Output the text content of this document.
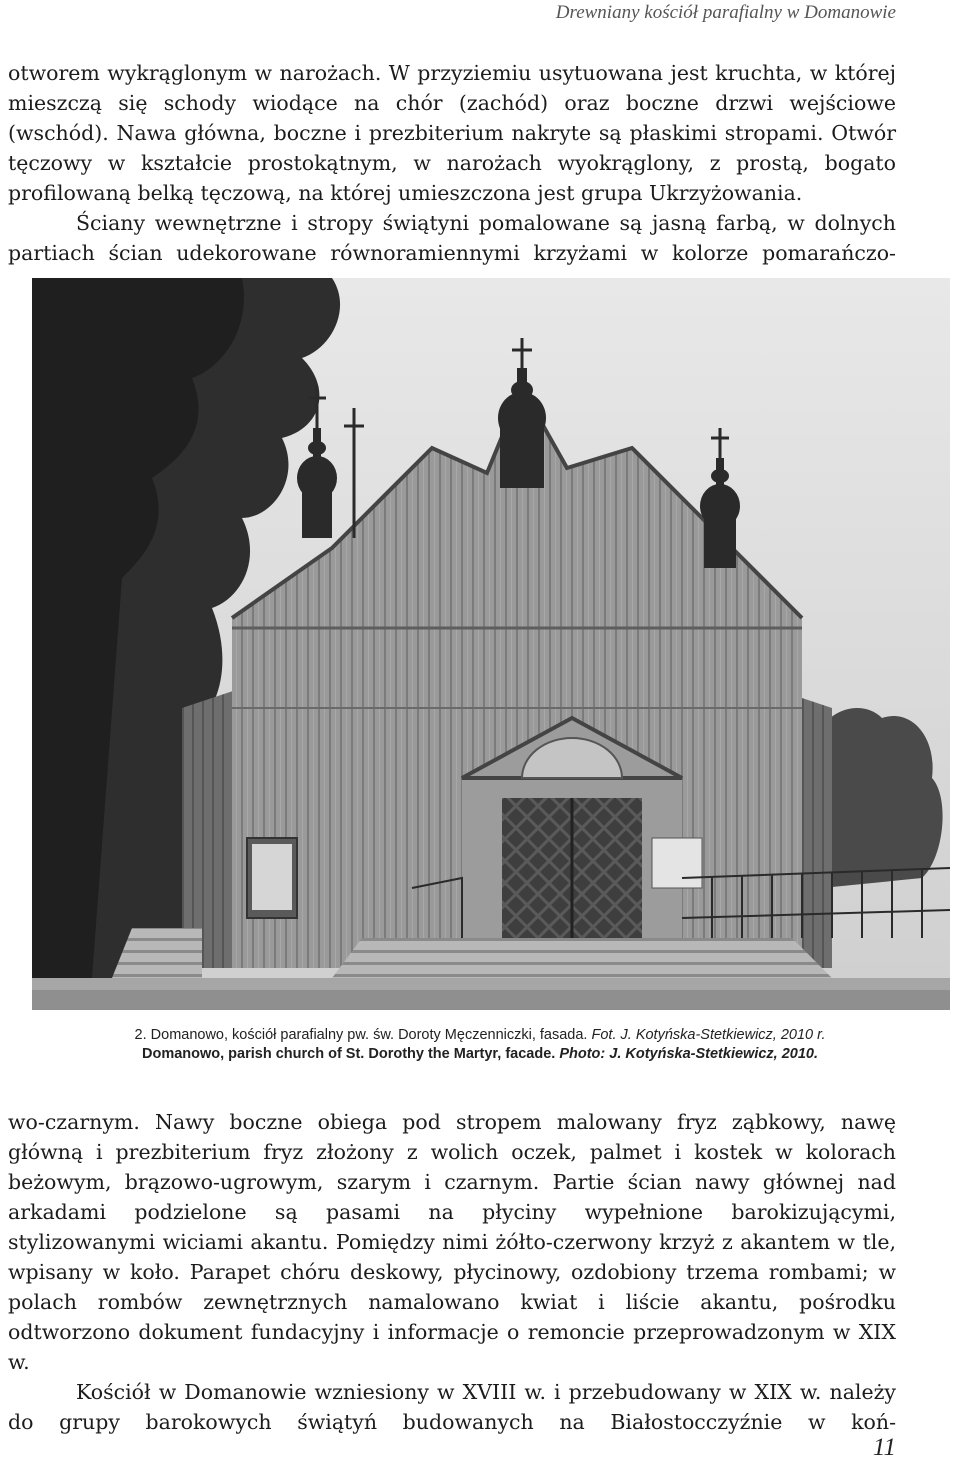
Drewniany kościół parafialny w Domanowie

otworem wykrąglonym w narożach. W przyziemiu usytuowana jest kruchta, w której mieszczą się schody wiodące na chór (zachód) oraz boczne drzwi wejściowe (wschód). Nawa główna, boczne i prezbiterium nakryte są płaskimi stropami. Otwór tęczowy w kształcie prostokątnym, w narożach wyokrąglony, z prostą, bogato profilowaną belką tęczową, na której umieszczona jest grupa Ukrzyżowania.

Ściany wewnętrzne i stropy świątyni pomalowane są jasną farbą, w dolnych partiach ścian udekorowane równoramiennymi krzyżami w kolorze pomarańczo-

2. Domanowo, kościół parafialny pw. św. Doroty Męczenniczki, fasada. Fot. J. Kotyńska-Stetkiewicz, 2010 r.
Domanowo, parish church of St. Dorothy the Martyr, facade. Photo: J. Kotyńska-Stetkiewicz, 2010.

wo-czarnym. Nawy boczne obiega pod stropem malowany fryz ząbkowy, nawę główną i prezbiterium fryz złożony z wolich oczek, palmet i kostek w kolorach beżowym, brązowo-ugrowym, szarym i czarnym. Partie ścian nawy głównej nad arkadami podzielone są pasami na płyciny wypełnione barokizującymi, stylizowanymi wiciami akantu. Pomiędzy nimi żółto-czerwony krzyż z akantem w tle, wpisany w koło. Parapet chóru deskowy, płycinowy, ozdobiony trzema rombami; w polach rombów zewnętrznych namalowano kwiat i liście akantu, pośrodku odtworzono dokument fundacyjny i informacje o remoncie przeprowadzonym w XIX w.

Kościół w Domanowie wzniesiony w XVIII w. i przebudowany w XIX w. należy do grupy barokowych świątyń budowanych na Białostocczyźnie w koń-

11
